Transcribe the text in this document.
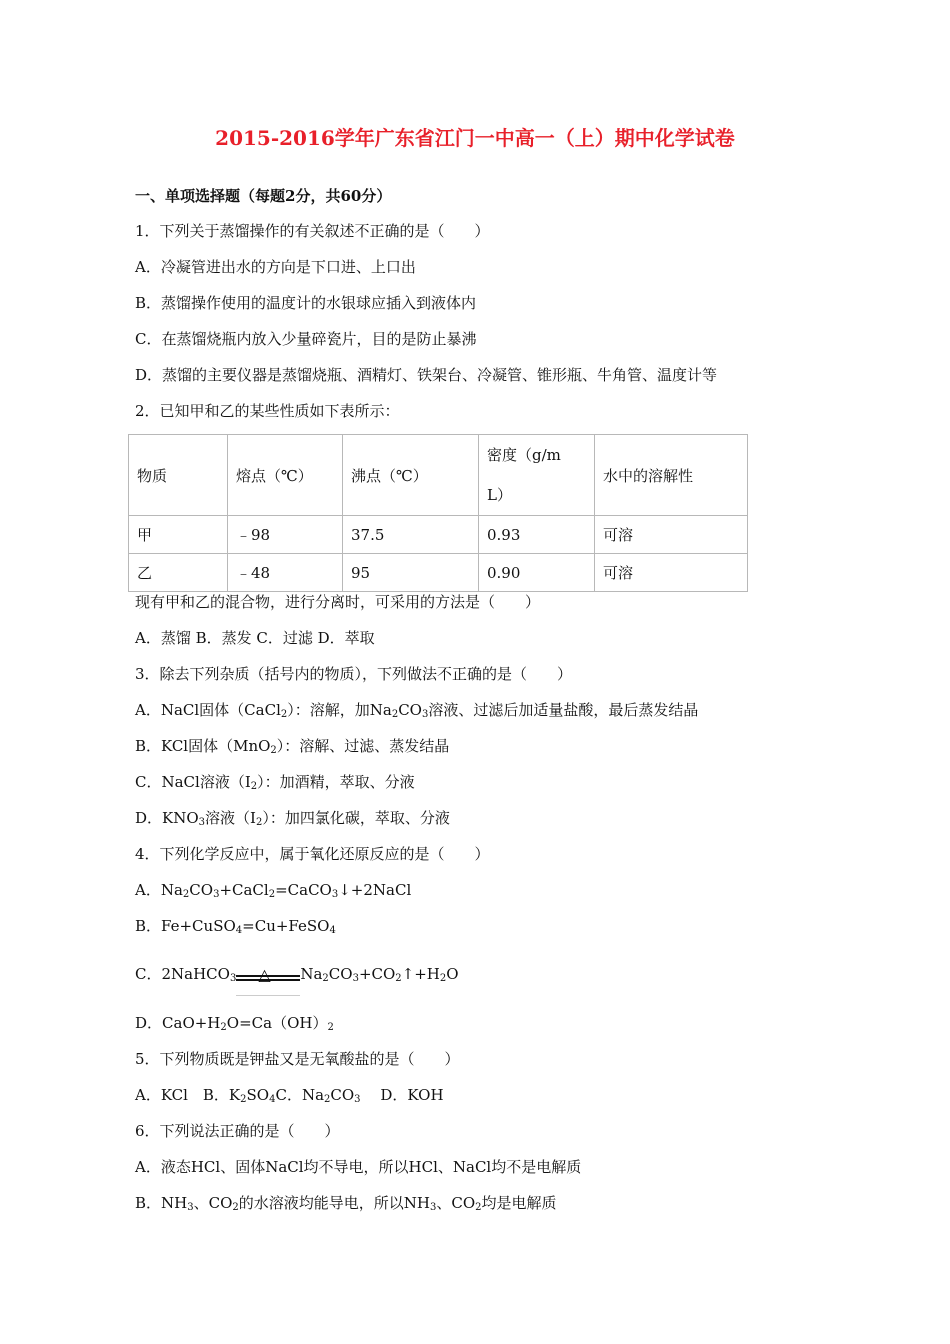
2015-2016学年广东省江门一中高一（上）期中化学试卷
一、单项选择题（每题2分，共60分）
1．下列关于蒸馏操作的有关叙述不正确的是（　　）
A．冷凝管进出水的方向是下口进、上口出
B．蒸馏操作使用的温度计的水银球应插入到液体内
C．在蒸馏烧瓶内放入少量碎瓷片，目的是防止暴沸
D．蒸馏的主要仪器是蒸馏烧瓶、酒精灯、铁架台、冷凝管、锥形瓶、牛角管、温度计等
2．已知甲和乙的某些性质如下表所示：
物质	熔点（℃）	沸点（℃）	密度（g/mL）	水中的溶解性
甲	﹣98	37.5	0.93	可溶
乙	﹣48	95	0.90	可溶
现有甲和乙的混合物，进行分离时，可采用的方法是（　　）
A．蒸馏 B．蒸发 C．过滤 D．萃取
3．除去下列杂质（括号内的物质），下列做法不正确的是（　　）
A．NaCl固体（CaCl$_2$）：溶解，加$Na_2CO_3$溶液、过滤后加适量盐酸，最后蒸发结晶
B．KCl固体（MnO$_2$）：溶解、过滤、蒸发结晶
C．NaCl溶液$(I_2)$：加酒精，萃取、分液
D．$KNO_3$溶液$(I_2)$：加四氯化碳，萃取、分液
4．下列化学反应中，属于氧化还原反应的是（　　）
A．$Na_2CO_3+CaCl_2=CaCO_3↓+2NaCl$
B．Fe+CuSO$_4$=Cu+FeSO$_4$
C．2NaHCO$_3$	$Na_2CO_3+CO_2↑+H_2O$
D．$CaO+H_2O=Ca(OH)_2$
5．下列物质既是钾盐又是无氧酸盐的是（　　）
A．KCl　B．$K_2SO_4C$．$Na_2CO_3$　 D．KOH
6．下列说法正确的是（　　）
A．液态HCl、固体NaCl均不导电，所以HCl、NaCl均不是电解质
B．$NH_3$、$CO_2$的水溶液均能导电，所以$NH_3$、$CO_2$均是电解质
